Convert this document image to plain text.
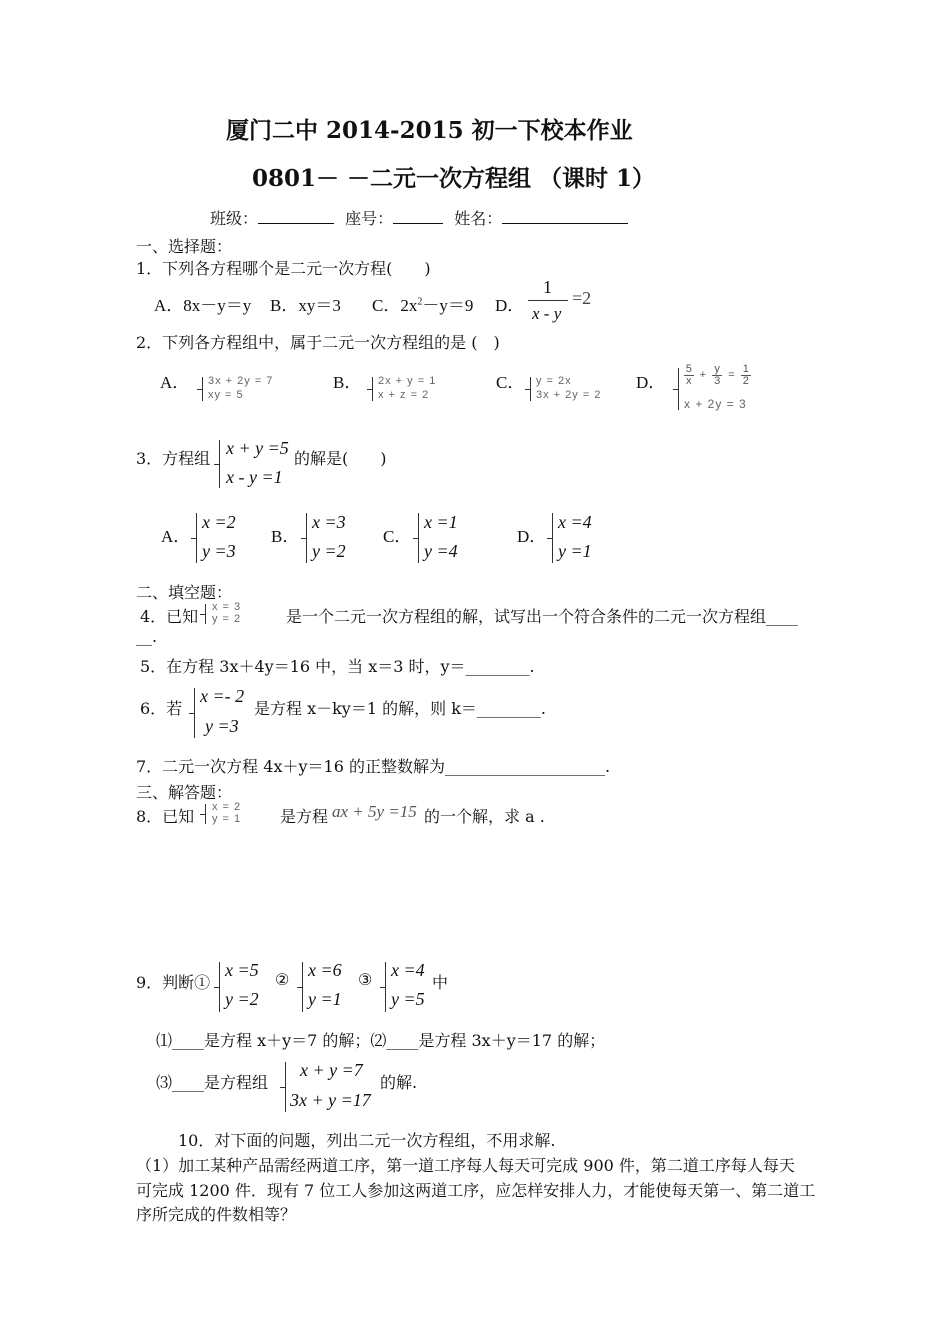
厦门二中 2014-2015 初一下校本作业
0801－ －二元一次方程组 （课时 1）
班级：	座号：	姓名：
一、选择题：
1．下列各方程哪个是二元一次方程(　　)
A．8x－y＝y B．xy＝3 C．$2x^2-y=9$ D．
1
x - y
=2
2．下列各方程组中，属于二元一次方程组的是 (　)
A． 3x + 2y = 7
xy = 5
B． 2x + y = 1
x + z = 2
C． y = 2x
3x + 2y = 2
D． $\frac{5}{x} + \frac{y}{3} = \frac{1}{2}$
x + 2y = 3
3．方程组
x + y =5
x - y =1
的解是(　　)
A．
x =2
y =3
B．
x =3
y =2
C．
x =1
y =4
D．
x =4
y =1
二、填空题：
4．已知 x = 3
y = 2	是一个二元一次方程组的解，试写出一个符合条件的二元一次方程组____
__.
5．在方程 3x＋4y＝16 中，当 x＝3 时，y＝________.
6．若
x =- 2
y =3
是方程 x－ky＝1 的解，则 k＝________.
7．二元一次方程 4x＋y＝16 的正整数解为____________________.
三、解答题：
8．已知 x = 2
y = 1 是方程 ax + 5y =15 的一个解，求 a .
9．判断①
x =5
y =2
② x =6
y =1
③ x =4
y =5
中
⑴____是方程 x＋y＝7 的解；⑵____是方程 3x＋y＝17 的解；
⑶____是方程组
x + y =7
3x + y =17
的解.
10．对下面的问题，列出二元一次方程组，不用求解.
（1）加工某种产品需经两道工序，第一道工序每人每天可完成 900 件，第二道工序每人每天
可完成 1200 件．现有 7 位工人参加这两道工序，应怎样安排人力，才能使每天第一、第二道工
序所完成的件数相等？
